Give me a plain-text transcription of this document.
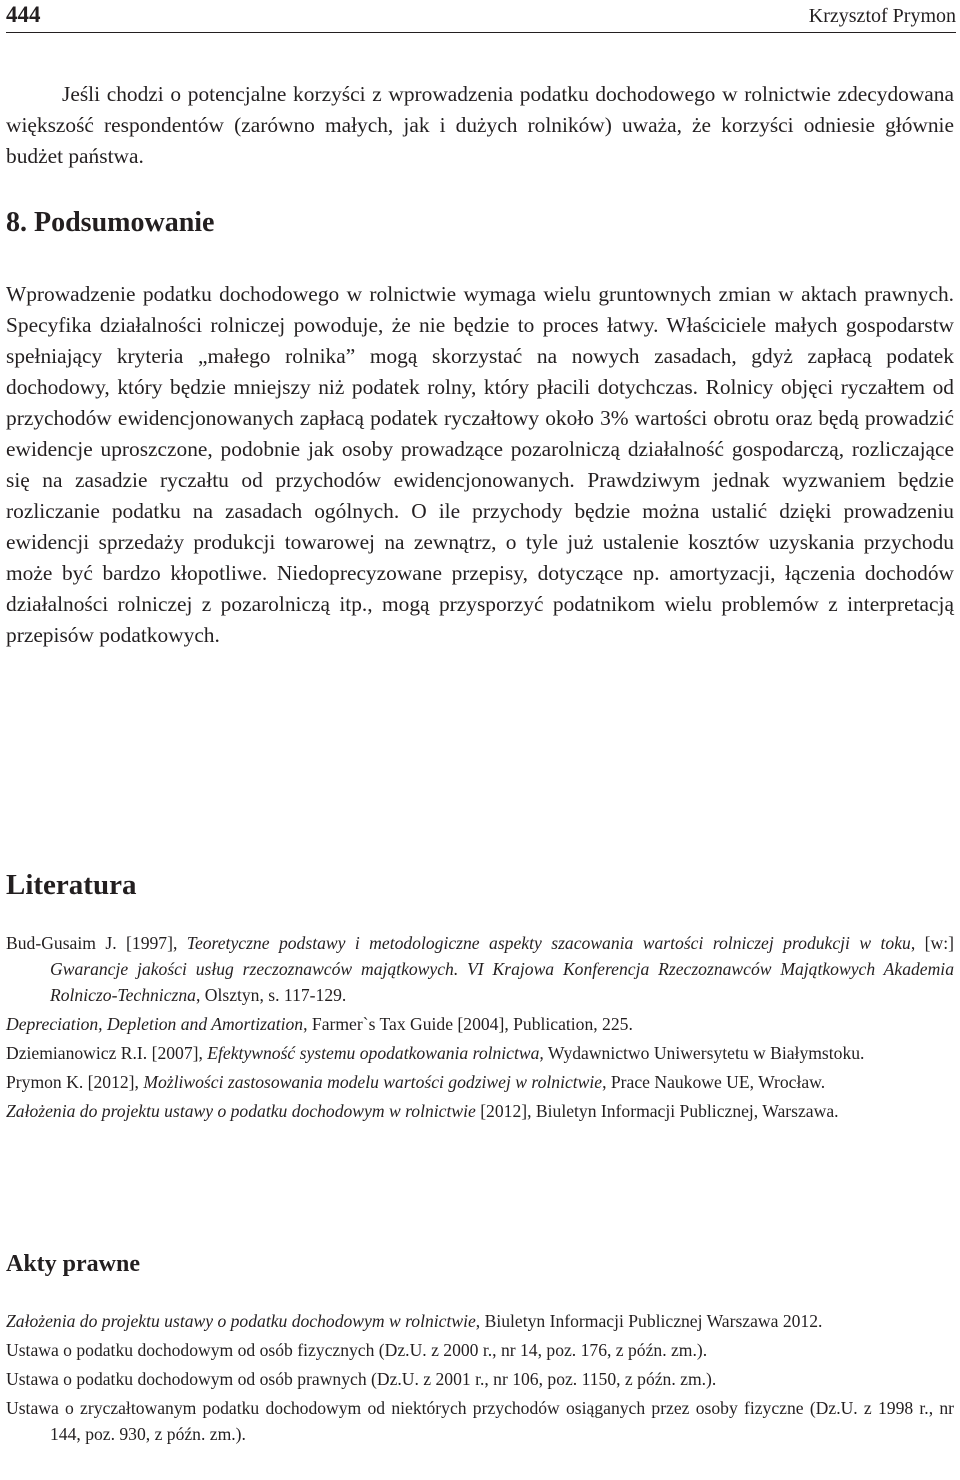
444	Krzysztof Prymon

Jeśli chodzi o potencjalne korzyści z wprowadzenia podatku dochodowego w rolnictwie zdecydowana większość respondentów (zarówno małych, jak i dużych rolników) uważa, że korzyści odniesie głównie budżet państwa.

8. Podsumowanie

Wprowadzenie podatku dochodowego w rolnictwie wymaga wielu gruntownych zmian w aktach prawnych. Specyfika działalności rolniczej powoduje, że nie będzie to proces łatwy. Właściciele małych gospodarstw spełniający kryteria „małego rolnika” mogą skorzystać na nowych zasadach, gdyż zapłacą podatek dochodowy, który będzie mniejszy niż podatek rolny, który płacili dotychczas. Rolnicy objęci ryczałtem od przychodów ewidencjonowanych zapłacą podatek ryczałtowy około 3% wartości obrotu oraz będą prowadzić ewidencje uproszczone, podobnie jak osoby prowadzące pozarolniczą działalność gospodarczą, rozliczające się na zasadzie ryczałtu od przychodów ewidencjonowanych. Prawdziwym jednak wyzwaniem będzie rozliczanie podatku na zasadach ogólnych. O ile przychody będzie można ustalić dzięki prowadzeniu ewidencji sprzedaży produkcji towarowej na zewnątrz, o tyle już ustalenie kosztów uzyskania przychodu może być bardzo kłopotliwe. Niedoprecyzowane przepisy, dotyczące np. amortyzacji, łączenia dochodów działalności rolniczej z pozarolniczą itp., mogą przysporzyć podatnikom wielu problemów z interpretacją przepisów podatkowych.

Literatura
Bud-Gusaim J. [1997], Teoretyczne podstawy i metodologiczne aspekty szacowania wartości rolniczej produkcji w toku, [w:] Gwarancje jakości usług rzeczoznawców majątkowych. VI Krajowa Konferencja Rzeczoznawców Majątkowych Akademia Rolniczo-Techniczna, Olsztyn, s. 117-129.
Depreciation, Depletion and Amortization, Farmer`s Tax Guide [2004], Publication, 225.
Dziemianowicz R.I. [2007], Efektywność systemu opodatkowania rolnictwa, Wydawnictwo Uniwersytetu w Białymstoku.
Prymon K. [2012], Możliwości zastosowania modelu wartości godziwej w rolnictwie, Prace Naukowe UE, Wrocław.
Założenia do projektu ustawy o podatku dochodowym w rolnictwie [2012], Biuletyn Informacji Publicznej, Warszawa.
Akty prawne
Założenia do projektu ustawy o podatku dochodowym w rolnictwie, Biuletyn Informacji Publicznej Warszawa 2012.
Ustawa o podatku dochodowym od osób fizycznych (Dz.U. z 2000 r., nr 14, poz. 176, z późn. zm.).
Ustawa o podatku dochodowym od osób prawnych (Dz.U. z 2001 r., nr 106, poz. 1150, z późn. zm.).
Ustawa o zryczałtowanym podatku dochodowym od niektórych przychodów osiąganych przez osoby fizyczne (Dz.U. z 1998 r., nr 144, poz. 930, z późn. zm.).
